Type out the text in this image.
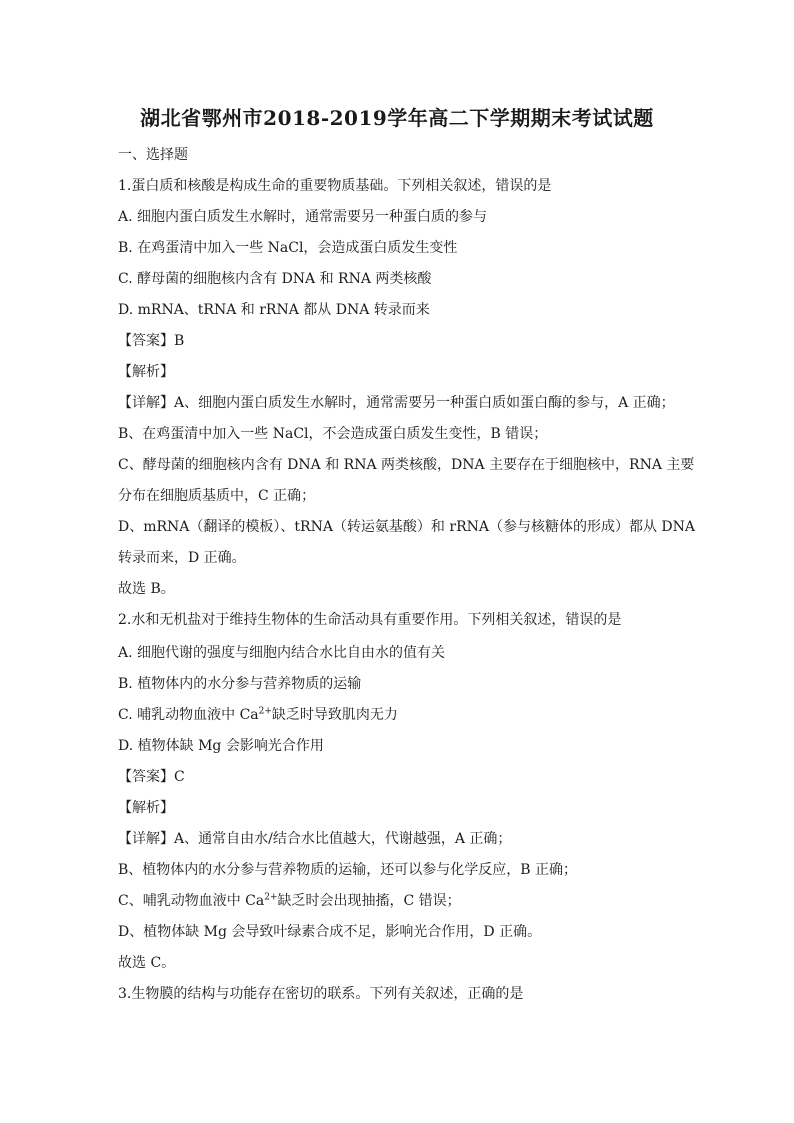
湖北省鄂州市2018-2019学年高二下学期期末考试试题
一、选择题
1.蛋白质和核酸是构成生命的重要物质基础。下列相关叙述，错误的是
A. 细胞内蛋白质发生水解时，通常需要另一种蛋白质的参与
B. 在鸡蛋清中加入一些 NaCl，会造成蛋白质发生变性
C. 酵母菌的细胞核内含有 DNA 和 RNA 两类核酸
D. mRNA、tRNA 和 rRNA 都从 DNA 转录而来
【答案】B
【解析】
【详解】A、细胞内蛋白质发生水解时，通常需要另一种蛋白质如蛋白酶的参与，A 正确；
B、在鸡蛋清中加入一些 NaCl，不会造成蛋白质发生变性，B 错误；
C、酵母菌的细胞核内含有 DNA 和 RNA 两类核酸，DNA 主要存在于细胞核中，RNA 主要
分布在细胞质基质中，C 正确；
D、mRNA（翻译的模板）、tRNA（转运氨基酸）和 rRNA（参与核糖体的形成）都从 DNA
转录而来，D 正确。
故选 B。
2.水和无机盐对于维持生物体的生命活动具有重要作用。下列相关叙述，错误的是
A. 细胞代谢的强度与细胞内结合水比自由水的值有关
B. 植物体内的水分参与营养物质的运输
C. 哺乳动物血液中 $Ca^{2+}$缺乏时导致肌肉无力
D. 植物体缺 Mg 会影响光合作用
【答案】C
【解析】
【详解】A、通常自由水/结合水比值越大，代谢越强，A 正确；
B、植物体内的水分参与营养物质的运输，还可以参与化学反应，B 正确；
C、哺乳动物血液中 $Ca^{2+}$缺乏时会出现抽搐，C 错误；
D、植物体缺 Mg 会导致叶绿素合成不足，影响光合作用，D 正确。
故选 C。
3.生物膜的结构与功能存在密切的联系。下列有关叙述，正确的是
